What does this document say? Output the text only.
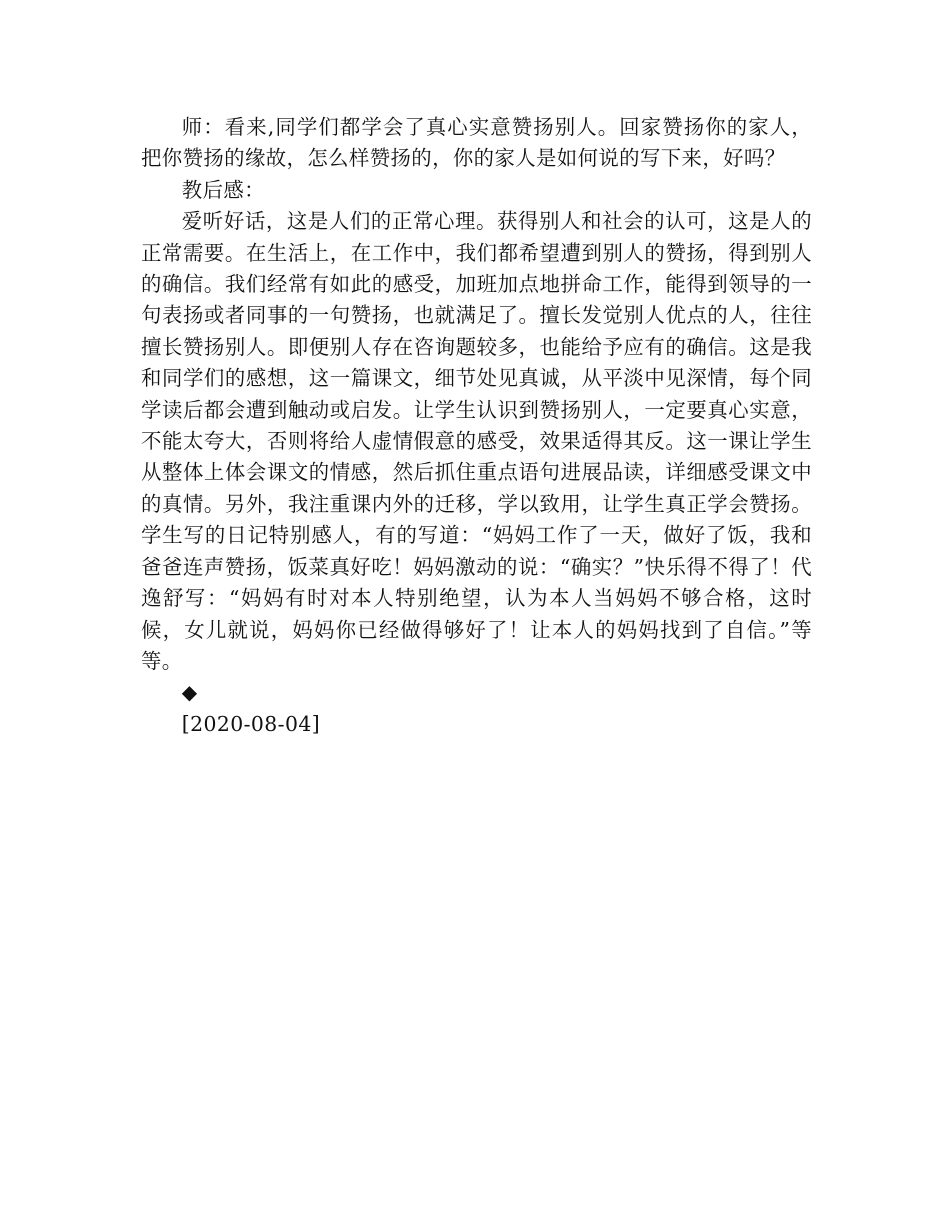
师：看来,同学们都学会了真心实意赞扬别人。回家赞扬你的家人，把你赞扬的缘故，怎么样赞扬的，你的家人是如何说的写下来，好吗？

教后感：

爱听好话，这是人们的正常心理。获得别人和社会的认可，这是人的正常需要。在生活上，在工作中，我们都希望遭到别人的赞扬，得到别人的确信。我们经常有如此的感受，加班加点地拼命工作，能得到领导的一句表扬或者同事的一句赞扬，也就满足了。擅长发觉别人优点的人，往往擅长赞扬别人。即便别人存在咨询题较多，也能给予应有的确信。这是我和同学们的感想，这一篇课文，细节处见真诚，从平淡中见深情，每个同学读后都会遭到触动或启发。让学生认识到赞扬别人，一定要真心实意，不能太夸大，否则将给人虚情假意的感受，效果适得其反。这一课让学生从整体上体会课文的情感，然后抓住重点语句进展品读，详细感受课文中的真情。另外，我注重课内外的迁移，学以致用，让学生真正学会赞扬。学生写的日记特别感人，有的写道：“妈妈工作了一天，做好了饭，我和爸爸连声赞扬，饭菜真好吃！妈妈激动的说：“确实？”快乐得不得了！代逸舒写：“妈妈有时对本人特别绝望，认为本人当妈妈不够合格，这时候，女儿就说，妈妈你已经做得够好了！让本人的妈妈找到了自信。”等等。

◆

[2020-08-04]
